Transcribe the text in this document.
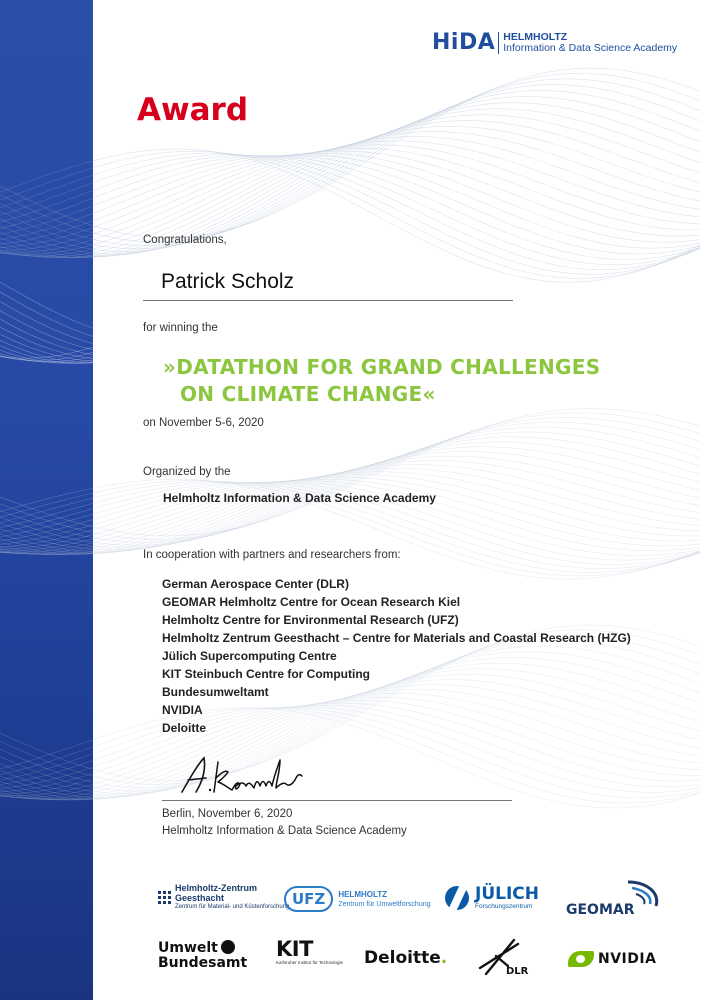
HiDA HELMHOLTZ
Information & Data Science Academy
Award
Congratulations,
Patrick Scholz
for winning the
»DATATHON FOR GRAND CHALLENGES
ON CLIMATE CHANGE«
on November 5-6, 2020
Organized by the
Helmholtz Information & Data Science Academy
In cooperation with partners and researchers from:
German Aerospace Center (DLR)
GEOMAR Helmholtz Centre for Ocean Research Kiel
Helmholtz Centre for Environmental Research (UFZ)
Helmholtz Zentrum Geesthacht – Centre for Materials and Coastal Research (HZG)
Jülich Supercomputing Centre
KIT Steinbuch Centre for Computing
Bundesumweltamt
NVIDIA
Deloitte
Berlin, November 6, 2020
Helmholtz Information & Data Science Academy
Helmholtz-Zentrum
Geesthacht
Zentrum für Material- und Küstenforschung UFZ	HELMHOLTZ
Zentrum für Umweltforschung	JÜLICH
Forschungszentrum	GEOMAR
Umwelt
Bundesamt
KIT
Karlsruher Institut für Technologie Deloitte .
DLR
NVIDIA
